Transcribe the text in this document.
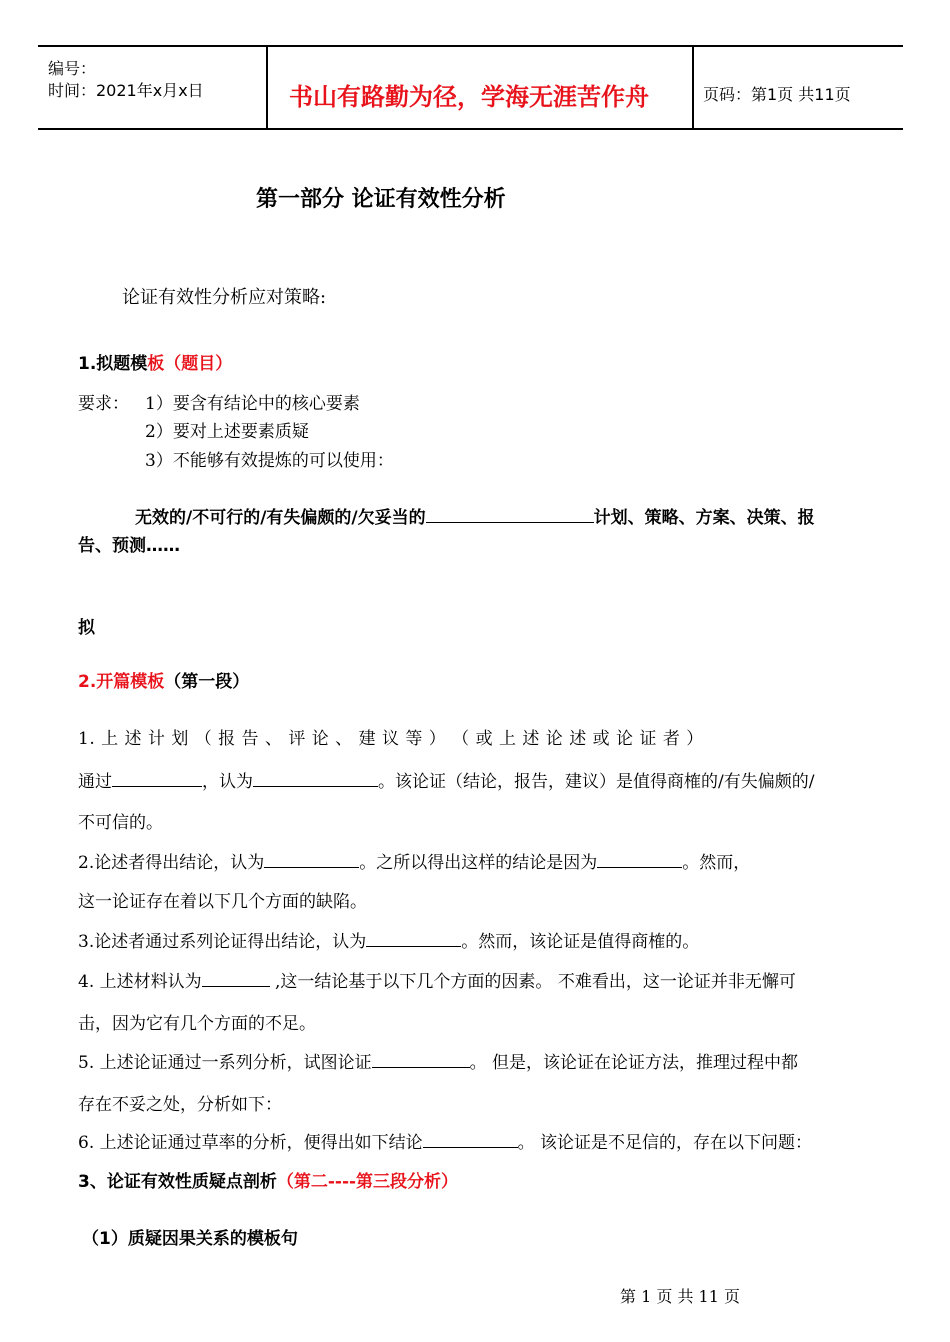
编号：
时间：2021年x月x日	书山有路勤为径，学海无涯苦作舟	页码：第1页 共11页
第一部分 论证有效性分析
论证有效性分析应对策略:
1.拟题模板（题目）
要求： 1）要含有结论中的核心要素
2）要对上述要素质疑
3）不能够有效提炼的可以使用：
无效的/不可行的/有失偏颇的/欠妥当的	计划、策略、方案、决策、报
告、预测……
拟
2.开篇模板（第一段）
1. 上 述 计 划 （ 报 告 、 评 论 、 建 议 等 ） （ 或 上 述 论 述 或 论 证 者 ）
通过	，认为	。该论证（结论，报告，建议）是值得商榷的/有失偏颇的/
不可信的。
2.论述者得出结论，认为	。之所以得出这样的结论是因为	。然而，
这一论证存在着以下几个方面的缺陷。
3.论述者通过系列论证得出结论，认为	。然而，该论证是值得商榷的。
4. 上述材料认为	,这一结论基于以下几个方面的因素。 不难看出，这一论证并非无懈可
击，因为它有几个方面的不足。
5. 上述论证通过一系列分析，试图论证	。 但是，该论证在论证方法，推理过程中都
存在不妥之处，分析如下：
6. 上述论证通过草率的分析，便得出如下结论	。 该论证是不足信的，存在以下问题：
3、论证有效性质疑点剖析（第二----第三段分析）
（1）质疑因果关系的模板句
第 1 页 共 11 页
